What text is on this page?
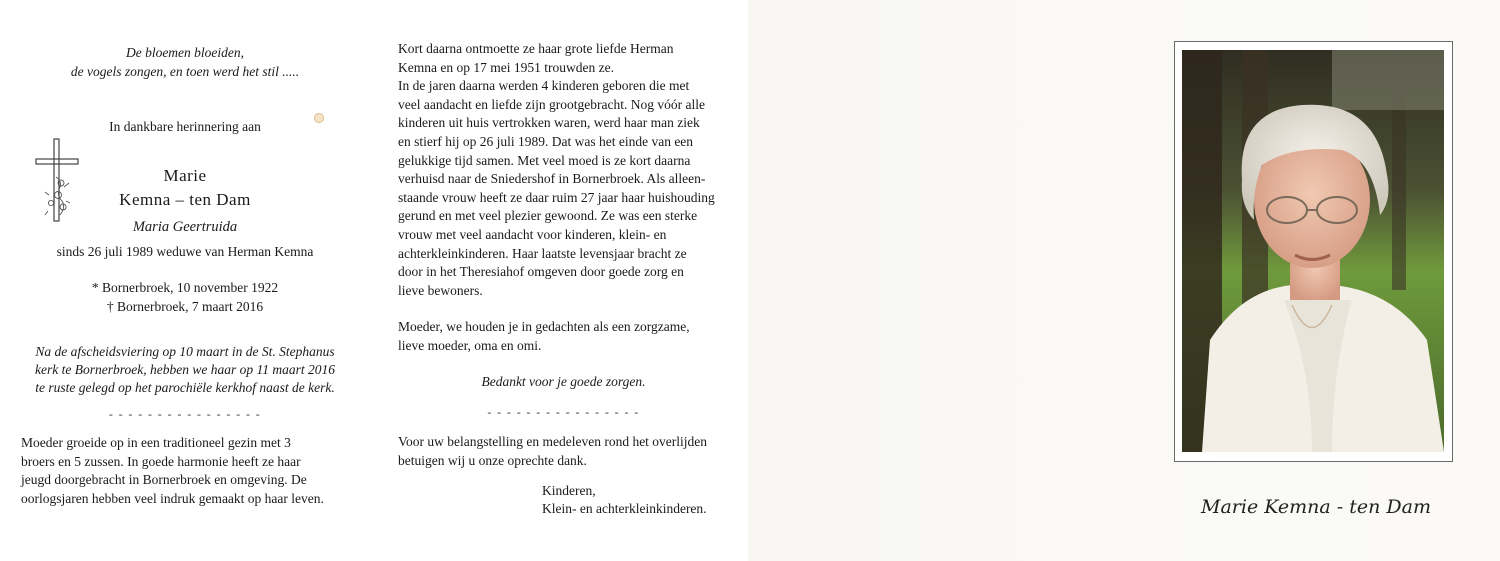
De bloemen bloeiden,
de vogels zongen, en toen werd het stil .....
In dankbare herinnering aan
Marie
Kemna – ten Dam
Maria Geertruida
sinds 26 juli 1989 weduwe van Herman Kemna
* Bornerbroek, 10 november 1922
† Bornerbroek, 7 maart 2016
Na de afscheidsviering op 10 maart in de St. Stephanus
kerk te Bornerbroek, hebben we haar op 11 maart 2016
te ruste gelegd op het parochiële kerkhof naast de kerk.
- - - - - - - - - - - - - - - -
Moeder groeide op in een traditioneel gezin met 3
broers en 5 zussen. In goede harmonie heeft ze haar
jeugd doorgebracht in Bornerbroek en omgeving. De
oorlogsjaren hebben veel indruk gemaakt op haar leven.
Kort daarna ontmoette ze haar grote liefde Herman
Kemna en op 17 mei 1951 trouwden ze.
In de jaren daarna werden 4 kinderen geboren die met
veel aandacht en liefde zijn grootgebracht. Nog vóór alle
kinderen uit huis vertrokken waren, werd haar man ziek
en stierf hij op 26 juli 1989. Dat was het einde van een
gelukkige tijd samen. Met veel moed is ze kort daarna
verhuisd naar de Sniedershof in Bornerbroek. Als alleen-
staande vrouw heeft ze daar ruim 27 jaar haar huishouding
gerund en met veel plezier gewoond. Ze was een sterke
vrouw met veel aandacht voor kinderen, klein- en
achterkleinkinderen. Haar laatste levensjaar bracht ze
door in het Theresiahof omgeven door goede zorg en
lieve bewoners.
Moeder, we houden je in gedachten als een zorgzame,
lieve moeder, oma en omi.
Bedankt voor je goede zorgen.
- - - - - - - - - - - - - - - -
Voor uw belangstelling en medeleven rond het overlijden
betuigen wij u onze oprechte dank.
Kinderen,
Klein- en achterkleinkinderen.	Marie Kemna - ten Dam
